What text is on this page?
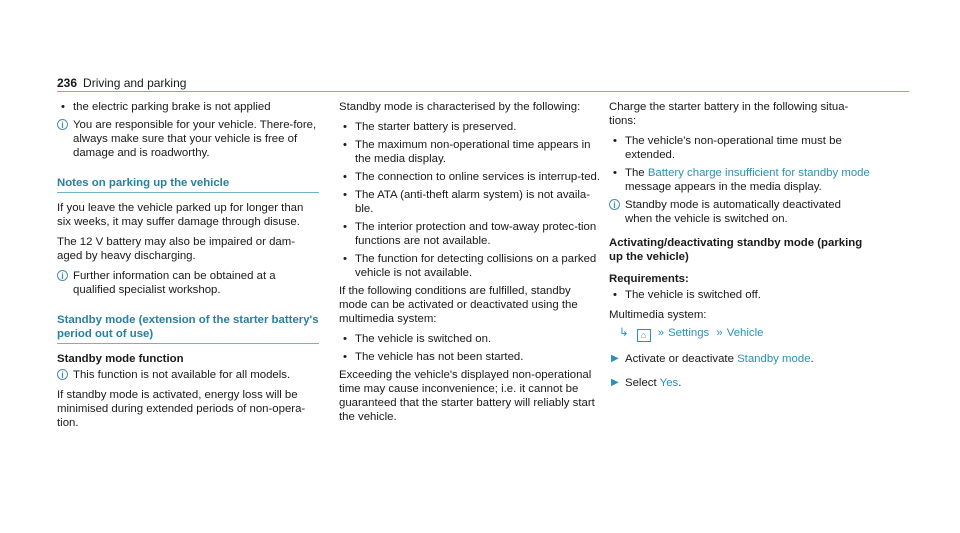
236 Driving and parking
• the electric parking brake is not applied
i You are responsible for your vehicle. There-fore, always make sure that your vehicle is free of damage and is roadworthy.
Notes on parking up the vehicle

If you leave the vehicle parked up for longer than six weeks, it may suffer damage through disuse.

The 12 V battery may also be impaired or dam-aged by heavy discharging.

i Further information can be obtained at a qualified specialist workshop.
Standby mode (extension of the starter battery's period out of use)
Standby mode function
i This function is not available for all models.

If standby mode is activated, energy loss will be minimised during extended periods of non-opera-tion.

Standby mode is characterised by the following:

• The starter battery is preserved.
• The maximum non-operational time appears in the media display.
• The connection to online services is interrup-ted.
• The ATA (anti-theft alarm system) is not availa-ble.
• The interior protection and tow-away protec-tion functions are not available.
• The function for detecting collisions on a parked vehicle is not available.

If the following conditions are fulfilled, standby mode can be activated or deactivated using the multimedia system:

• The vehicle is switched on.
• The vehicle has not been started.

Exceeding the vehicle's displayed non-operational time may cause inconvenience; i.e. it cannot be guaranteed that the starter battery will reliably start the vehicle.

Charge the starter battery in the following situa-tions:

• The vehicle's non-operational time must be extended.
• The Battery charge insufficient for standby mode message appears in the media display.
i Standby mode is automatically deactivated when the vehicle is switched on.
Activating/deactivating standby mode (parking up the vehicle)
Requirements:
• The vehicle is switched off.

Multimedia system:

↳ ⌂ » Settings » Vehicle
▶ Activate or deactivate Standby mode.
▶ Select Yes.
